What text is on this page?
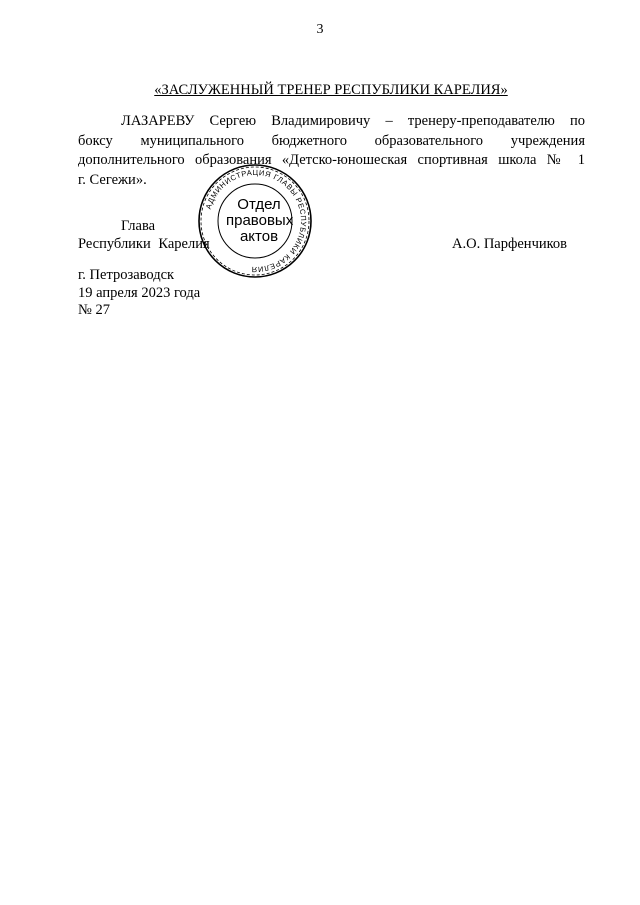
3
«ЗАСЛУЖЕННЫЙ ТРЕНЕР РЕСПУБЛИКИ КАРЕЛИЯ»
ЛАЗАРЕВУ Сергею Владимировичу – тренеру-преподавателю по
боксу муниципального бюджетного образовательного учреждения
дополнительного образования «Детско-юношеская спортивная школа № 1
г. Сегежи».
Глава
Республики Карелия	А.О. Парфенчиков
АДМИНИСТРАЦИЯ ГЛАВЫ РЕСПУБЛИКИ КАРЕЛИЯ
Отдел
правовых
актов
г. Петрозаводск
19 апреля 2023 года
№ 27
